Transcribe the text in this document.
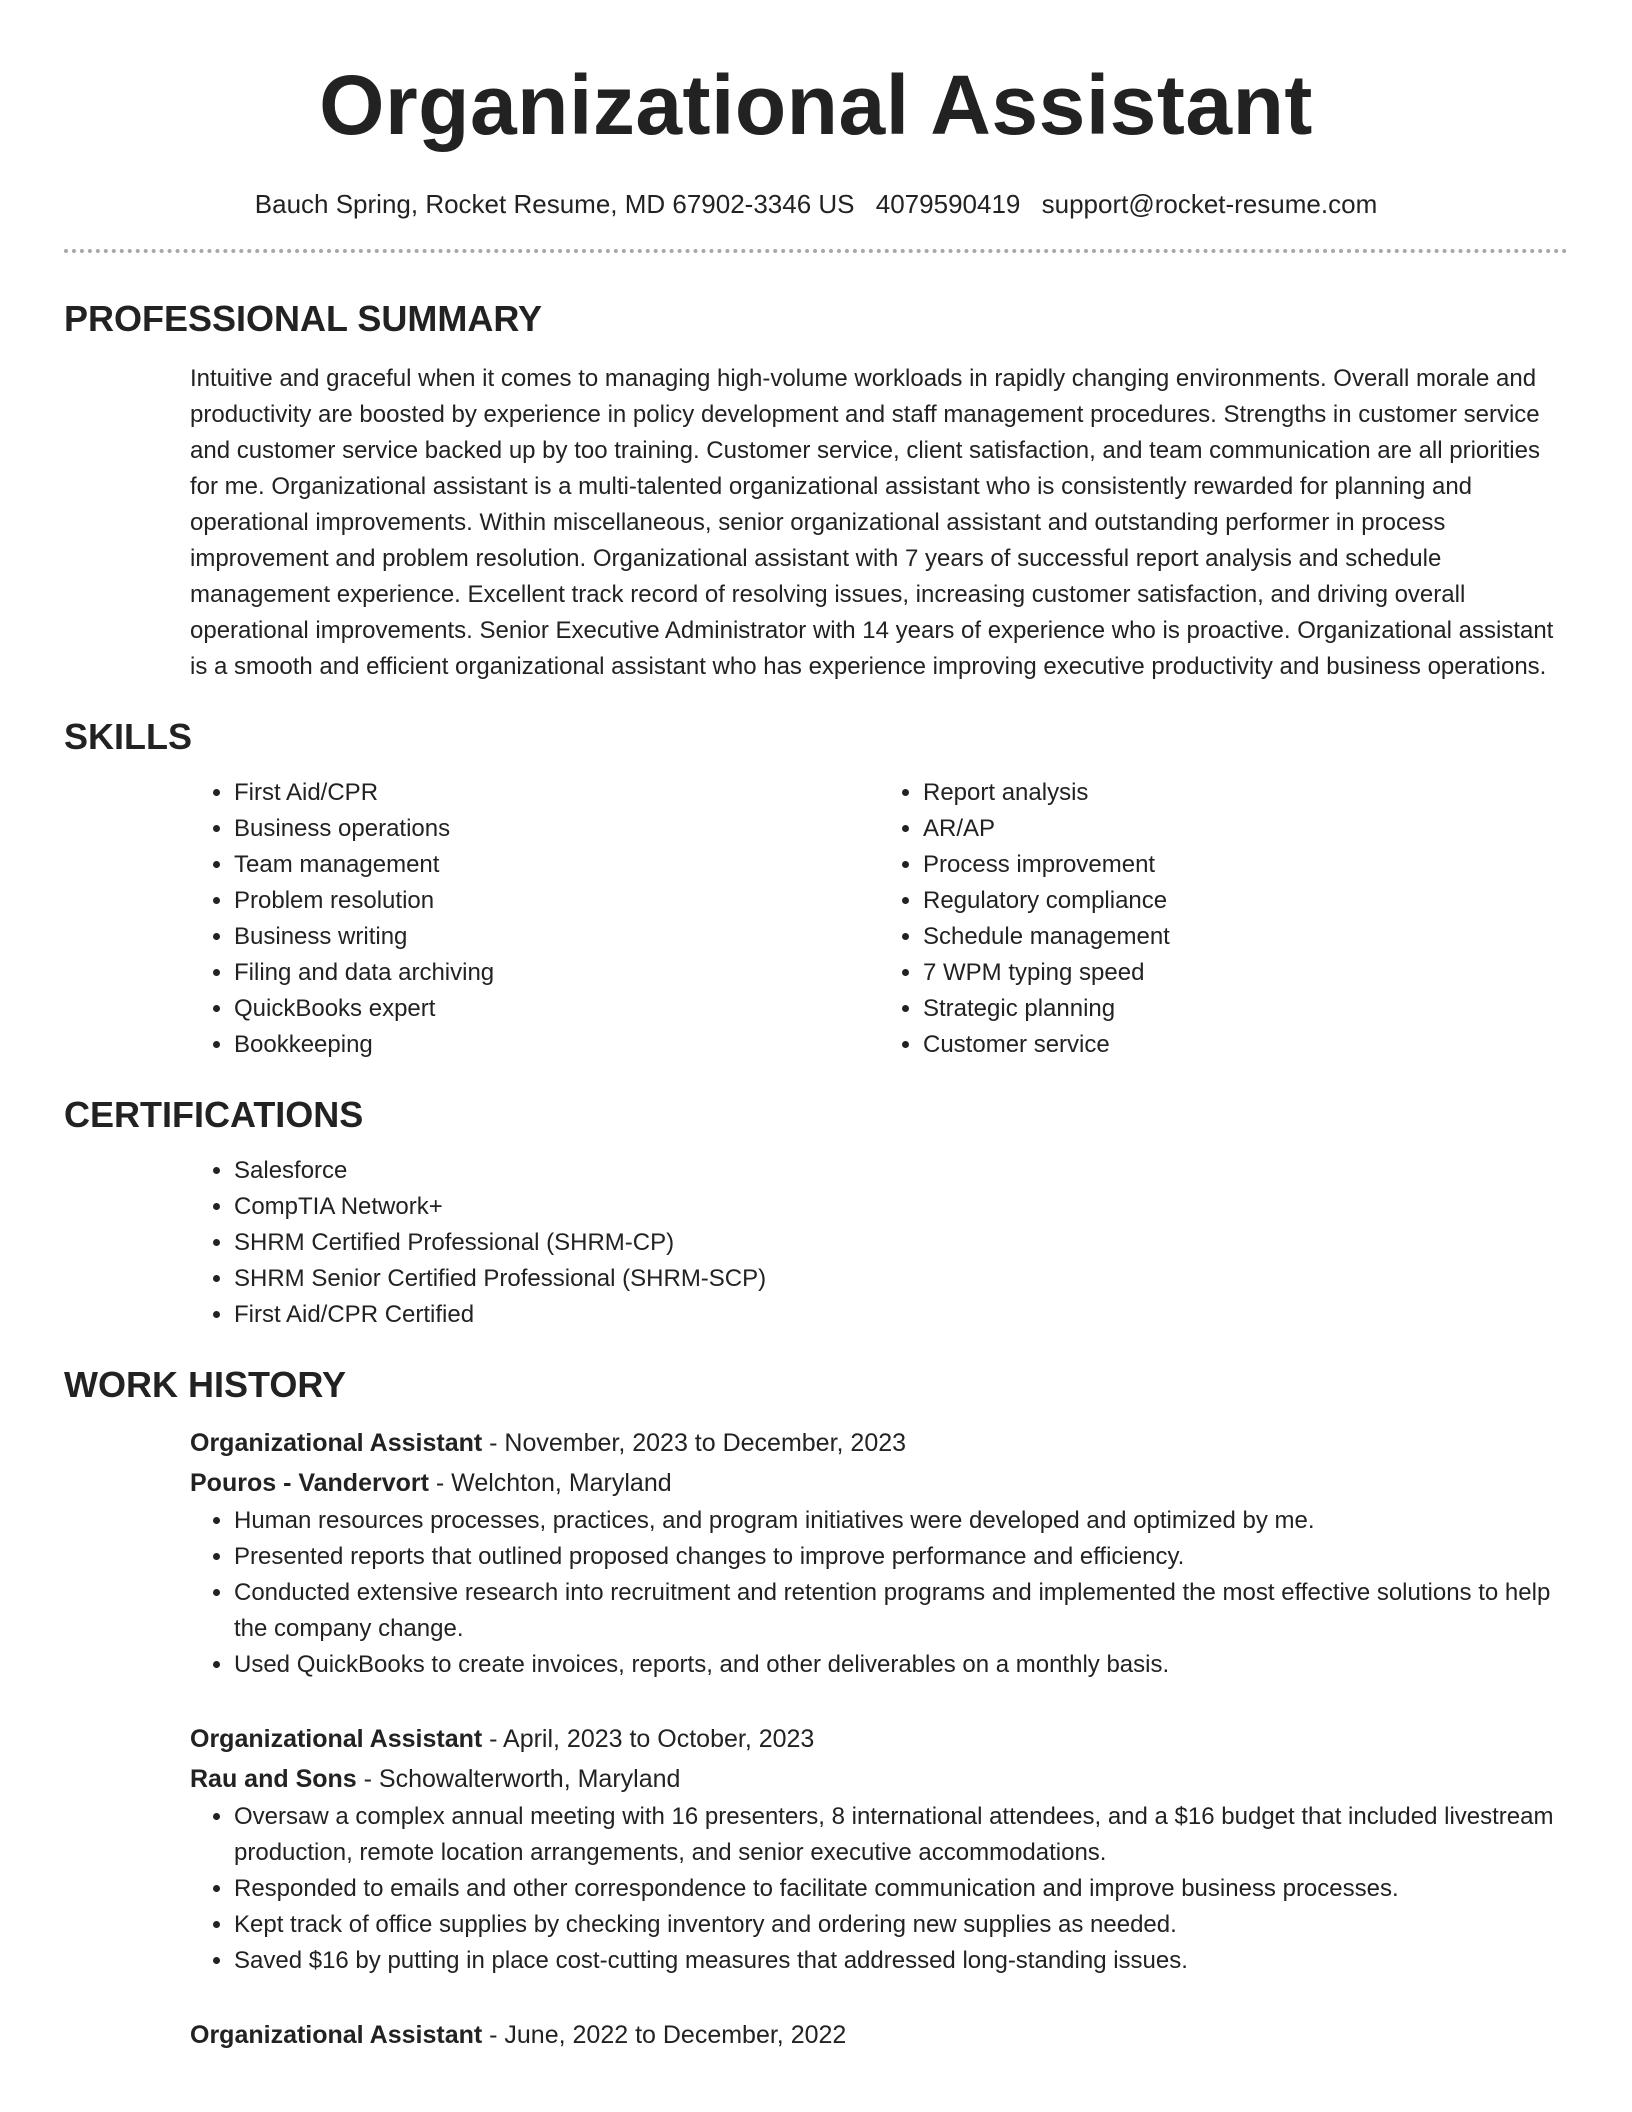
Organizational Assistant
Bauch Spring, Rocket Resume, MD 67902-3346 US 4079590419 support@rocket-resume.com
PROFESSIONAL SUMMARY

Intuitive and graceful when it comes to managing high-volume workloads in rapidly changing environments. Overall morale and productivity are boosted by experience in policy development and staff management procedures. Strengths in customer service and customer service backed up by too training. Customer service, client satisfaction, and team communication are all priorities for me. Organizational assistant is a multi-talented organizational assistant who is consistently rewarded for planning and operational improvements. Within miscellaneous, senior organizational assistant and outstanding performer in process improvement and problem resolution. Organizational assistant with 7 years of successful report analysis and schedule management experience. Excellent track record of resolving issues, increasing customer satisfaction, and driving overall operational improvements. Senior Executive Administrator with 14 years of experience who is proactive. Organizational assistant is a smooth and efficient organizational assistant who has experience improving executive productivity and business operations.

SKILLS
• First Aid/CPR
• Business operations
• Team management
• Problem resolution
• Business writing
• Filing and data archiving
• QuickBooks expert
• Bookkeeping
• Report analysis
• AR/AP
• Process improvement
• Regulatory compliance
• Schedule management
• 7 WPM typing speed
• Strategic planning
• Customer service
CERTIFICATIONS
• Salesforce
• CompTIA Network+
• SHRM Certified Professional (SHRM-CP)
• SHRM Senior Certified Professional (SHRM-SCP)
• First Aid/CPR Certified
WORK HISTORY
Organizational Assistant - November, 2023 to December, 2023
Pouros - Vandervort - Welchton, Maryland
• Human resources processes, practices, and program initiatives were developed and optimized by me.
• Presented reports that outlined proposed changes to improve performance and efficiency.
• Conducted extensive research into recruitment and retention programs and implemented the most effective solutions to help the company change.
• Used QuickBooks to create invoices, reports, and other deliverables on a monthly basis.
Organizational Assistant - April, 2023 to October, 2023
Rau and Sons - Schowalterworth, Maryland
• Oversaw a complex annual meeting with 16 presenters, 8 international attendees, and a $16 budget that included livestream production, remote location arrangements, and senior executive accommodations.
• Responded to emails and other correspondence to facilitate communication and improve business processes.
• Kept track of office supplies by checking inventory and ordering new supplies as needed.
• Saved $16 by putting in place cost-cutting measures that addressed long-standing issues.
Organizational Assistant - June, 2022 to December, 2022
